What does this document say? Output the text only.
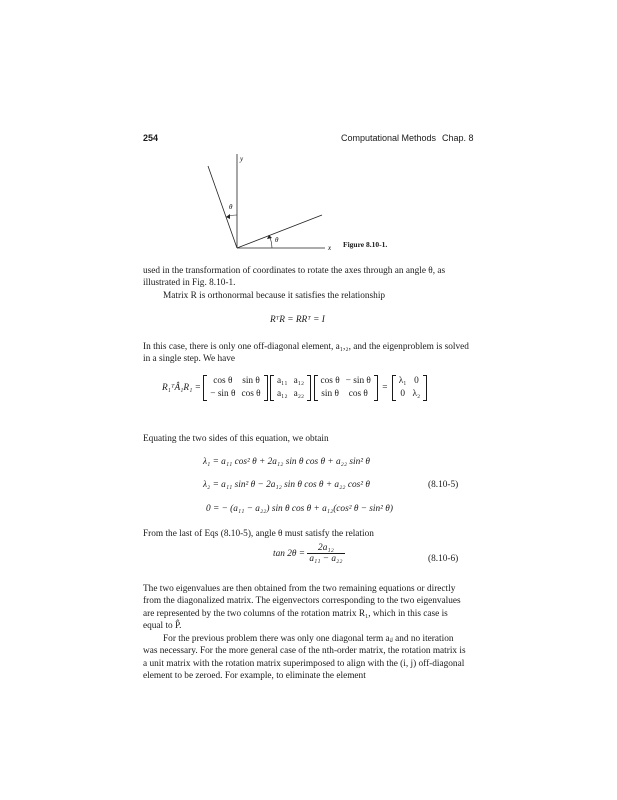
254	Computational Methods Chap. 8
y
x
θ
θ	Figure 8.10-1.
used in the transformation of coordinates to rotate the axes through an angle θ, as illustrated in Fig. 8.10-1.
Matrix R is orthonormal because it satisfies the relationship
RᵀR = RRᵀ = I
In this case, there is only one off-diagonal element, a₁,₂, and the eigenproblem is solved in a single step. We have
R₁ᵀÂ₁R₁ =
cos θ	sin θ
− sin θ	cos θ

a₁₁	a₁₂
a₁₂	a₂₂

cos θ	− sin θ
sin θ	cos θ
=
λ₁	0
0	λ₂
Equating the two sides of this equation, we obtain
λ₁ = a₁₁ cos² θ + 2a₁₂ sin θ cos θ + a₂₂ sin² θ
λ₂ = a₁₁ sin² θ − 2a₁₂ sin θ cos θ + a₂₂ cos² θ	(8.10-5)
0 = − (a₁₁ − a₂₂) sin θ cos θ + a₁₂(cos² θ − sin² θ)
From the last of Eqs (8.10-5), angle θ must satisfy the relation
$\tan 2\theta = \frac{\text{2a₁₂}}{\text{a₁₁ − a₂₂}}$	(8.10-6)
The two eigenvalues are then obtained from the two remaining equations or directly from the diagonalized matrix. The eigenvectors corresponding to the two eigenvalues are represented by the two columns of the rotation matrix R₁, which in this case is equal to P̂.
For the previous problem there was only one diagonal term aᵢⱼ and no iteration was necessary. For the more general case of the nth-order matrix, the rotation matrix is a unit matrix with the rotation matrix superimposed to align with the (i, j) off-diagonal element to be zeroed. For example, to eliminate the element
